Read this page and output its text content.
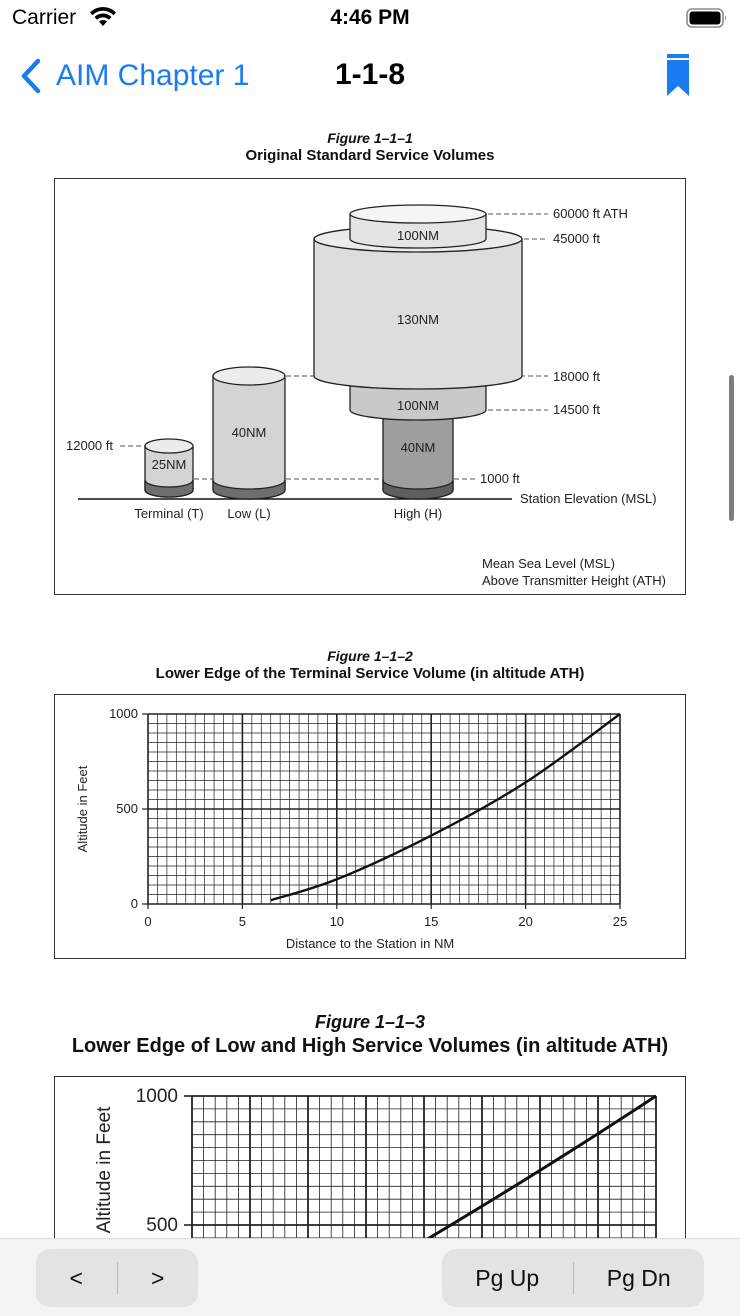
Carrier	4:46 PM
AIM Chapter 1	1-1-8
Figure 1–1–1
Original Standard Service Volumes
100NM
130NM
100NM
40NM
40NM
25NM
60000 ft ATH
45000 ft
18000 ft
14500 ft
12000 ft
1000 ft
Station Elevation (MSL)
Terminal (T) Low (L)	High (H)
Mean Sea Level (MSL)
Above Transmitter Height (ATH)
Figure 1–1–2
Lower Edge of the Terminal Service Volume (in altitude ATH)
0	5	10	15	20	25
0
500
1000
Distance to the Station in NM
Altitude in Feet
Figure 1–1–3
Lower Edge of Low and High Service Volumes (in altitude ATH)
500
1000
Altitude in Feet
<	>	Pg Up	Pg Dn
